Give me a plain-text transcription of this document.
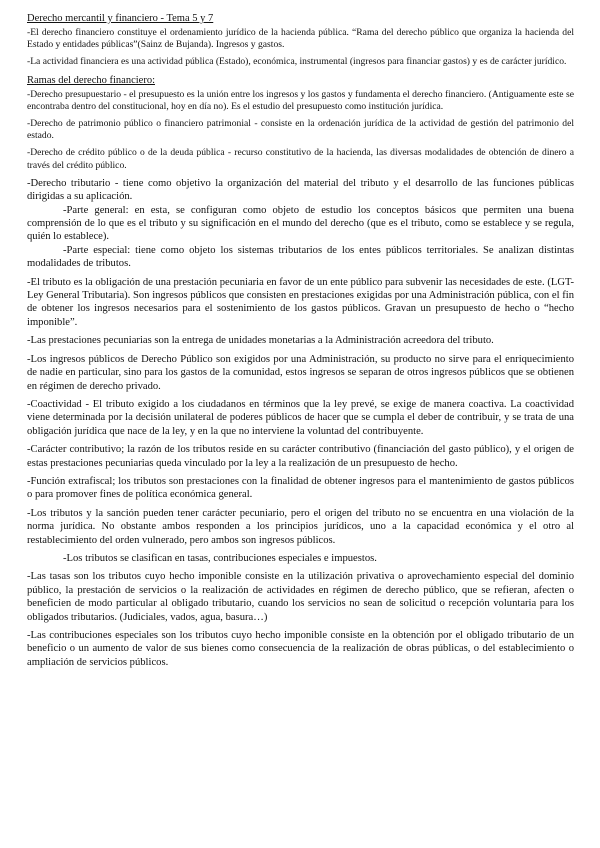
Derecho mercantil y financiero - Tema 5 y 7

-El derecho financiero constituye el ordenamiento jurídico de la hacienda pública. “Rama del derecho público que organiza la hacienda del Estado y entidades públicas”(Sainz de Bujanda). Ingresos y gastos.

-La actividad financiera es una actividad pública (Estado), económica, instrumental (ingresos para financiar gastos) y es de carácter jurídico.

Ramas del derecho financiero:

-Derecho presupuestario - el presupuesto es la unión entre los ingresos y los gastos y fundamenta el derecho financiero. (Antiguamente este se encontraba dentro del constitucional, hoy en día no). Es el estudio del presupuesto como institución jurídica.

-Derecho de patrimonio público o financiero patrimonial - consiste en la ordenación jurídica de la actividad de gestión del patrimonio del estado.

-Derecho de crédito público o de la deuda pública - recurso constitutivo de la hacienda, las diversas modalidades de obtención de dinero a través del crédito público.

-Derecho tributario - tiene como objetivo la organización del material del tributo y el desarrollo de las funciones públicas dirigidas a su aplicación.

-Parte general: en esta, se configuran como objeto de estudio los conceptos básicos que permiten una buena comprensión de lo que es el tributo y su significación en el mundo del derecho (que es el tributo, como se establece y se regula, quién lo establece).

-Parte especial: tiene como objeto los sistemas tributarios de los entes públicos territoriales. Se analizan distintas modalidades de tributos.

-El tributo es la obligación de una prestación pecuniaria en favor de un ente público para subvenir las necesidades de este. (LGT- Ley General Tributaria). Son ingresos públicos que consisten en prestaciones exigidas por una Administración pública, con el fin de obtener los ingresos necesarios para el sostenimiento de los gastos públicos. Gravan un presupuesto de hecho o “hecho imponible”.

-Las prestaciones pecuniarias son la entrega de unidades monetarias a la Administración acreedora del tributo.

-Los ingresos públicos de Derecho Público son exigidos por una Administración, su producto no sirve para el enriquecimiento de nadie en particular, sino para los gastos de la comunidad, estos ingresos se separan de otros ingresos públicos que se obtienen en régimen de derecho privado.

-Coactividad - El tributo exigido a los ciudadanos en términos que la ley prevé, se exige de manera coactiva. La coactividad viene determinada por la decisión unilateral de poderes públicos de hacer que se cumpla el deber de contribuir, y se trata de una obligación jurídica que nace de la ley, y en la que no interviene la voluntad del contribuyente.

-Carácter contributivo; la razón de los tributos reside en su carácter contributivo (financiación del gasto público), y el origen de estas prestaciones pecuniarias queda vinculado por la ley a la realización de un presupuesto de hecho.

-Función extrafiscal; los tributos son prestaciones con la finalidad de obtener ingresos para el mantenimiento de gastos públicos o para promover fines de política económica general.

-Los tributos y la sanción pueden tener carácter pecuniario, pero el origen del tributo no se encuentra en una violación de la norma jurídica. No obstante ambos responden a los principios jurídicos, uno a la capacidad económica y el otro al restablecimiento del orden vulnerado, pero ambos son ingresos públicos.

-Los tributos se clasifican en tasas, contribuciones especiales e impuestos.

-Las tasas son los tributos cuyo hecho imponible consiste en la utilización privativa o aprovechamiento especial del dominio público, la prestación de servicios o la realización de actividades en régimen de derecho público, que se refieran, afecten o beneficien de modo particular al obligado tributario, cuando los servicios no sean de solicitud o recepción voluntaria para los obligados tributarios. (Judiciales, vados, agua, basura…)

-Las contribuciones especiales son los tributos cuyo hecho imponible consiste en la obtención por el obligado tributario de un beneficio o un aumento de valor de sus bienes como consecuencia de la realización de obras públicas, o del establecimiento o ampliación de servicios públicos.
